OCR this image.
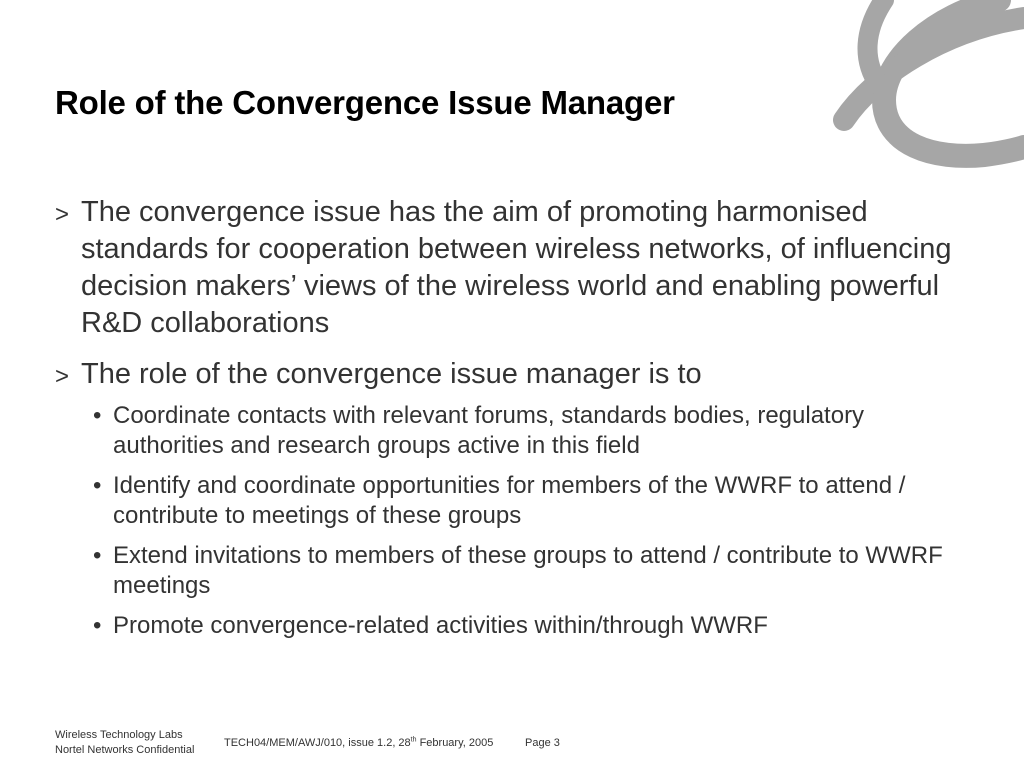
Role of the Convergence Issue Manager
> The convergence issue has the aim of promoting harmonised standards for cooperation between wireless networks, of influencing decision makers’ views of the wireless world and enabling powerful R&D collaborations
> The role of the convergence issue manager is to
• Coordinate contacts with relevant forums, standards bodies, regulatory authorities and research groups active in this field
• Identify and coordinate opportunities for members of the WWRF to attend / contribute to meetings of these groups
• Extend invitations to members of these groups to attend / contribute to WWRF meetings
• Promote convergence-related activities within/through WWRF
Wireless Technology Labs
Nortel Networks Confidential
TECH04/MEM/AWJ/010, issue 1.2, 28th February, 2005	Page 3
